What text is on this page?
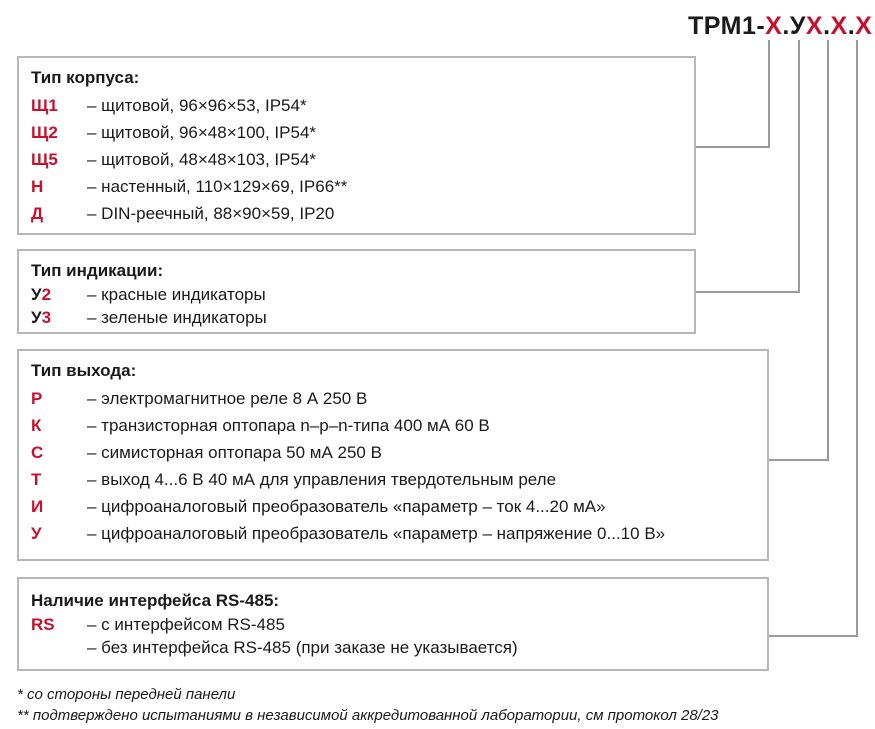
ТРМ1-Х.УХ.Х.Х
Тип корпуса:
Щ1 – щитовой, 96×96×53, IP54*
Щ2 – щитовой, 96×48×100, IP54*
Щ5 – щитовой, 48×48×103, IP54*
Н	– настенный, 110×129×69, IP66**
Д	– DIN-реечный, 88×90×59, IP20
Тип индикации:
У2 – красные индикаторы
У3 – зеленые индикаторы
Тип выхода:
Р	– электромагнитное реле 8 А 250 В
К	– транзисторная оптопара n–p–n-типа 400 мА 60 В
С	– симисторная оптопара 50 мА 250 В
Т	– выход 4...6 В 40 мА для управления твердотельным реле
И	– цифроаналоговый преобразователь «параметр – ток 4...20 мА»
У	– цифроаналоговый преобразователь «параметр – напряжение 0...10 В»
Наличие интерфейса RS-485:
RS – с интерфейсом RS-485
– без интерфейса RS-485 (при заказе не указывается)
* со стороны передней панели
** подтверждено испытаниями в независимой аккредитованной лаборатории, см протокол 28/23
